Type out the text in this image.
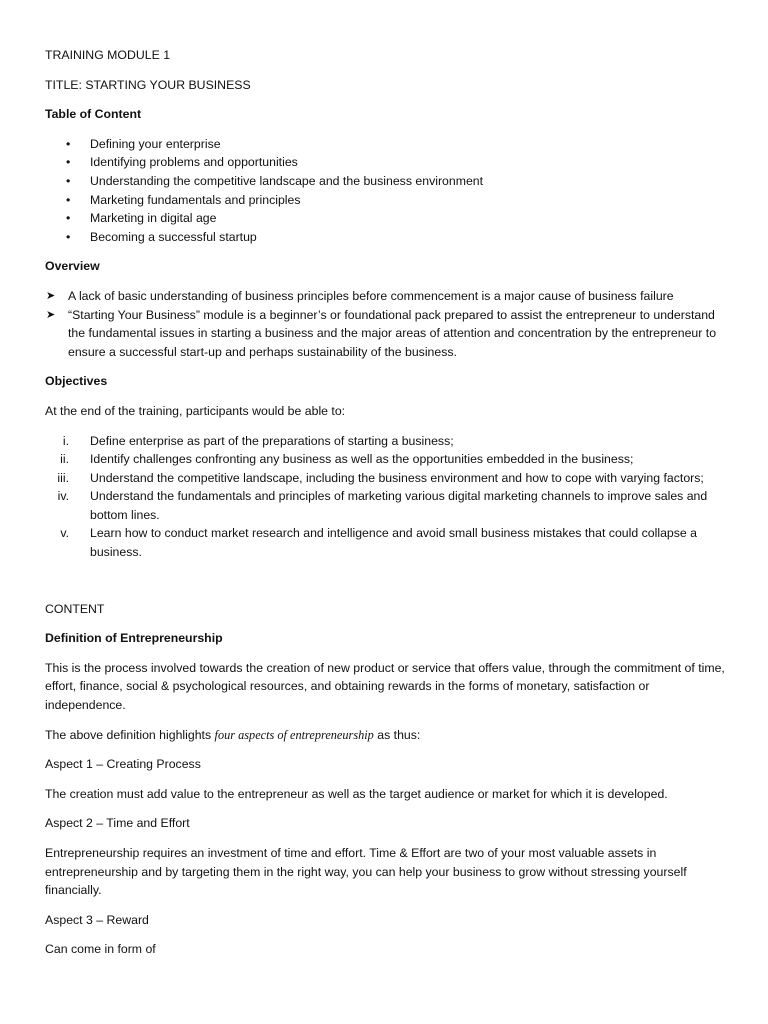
TRAINING MODULE 1

TITLE: STARTING YOUR BUSINESS

Table of Content

• Defining your enterprise
• Identifying problems and opportunities
• Understanding the competitive landscape and the business environment
• Marketing fundamentals and principles
• Marketing in digital age
• Becoming a successful startup

Overview

➤ A lack of basic understanding of business principles before commencement is a major cause of business failure
➤ “Starting Your Business” module is a beginner’s or foundational pack prepared to assist the entrepreneur to understand the fundamental issues in starting a business and the major areas of attention and concentration by the entrepreneur to ensure a successful start-up and perhaps sustainability of the business.

Objectives

At the end of the training, participants would be able to:

i. Define enterprise as part of the preparations of starting a business;
ii. Identify challenges confronting any business as well as the opportunities embedded in the business;
iii. Understand the competitive landscape, including the business environment and how to cope with varying factors;
iv. Understand the fundamentals and principles of marketing various digital marketing channels to improve sales and bottom lines.
v. Learn how to conduct market research and intelligence and avoid small business mistakes that could collapse a business.

CONTENT

Definition of Entrepreneurship

This is the process involved towards the creation of new product or service that offers value, through the commitment of time, effort, finance, social & psychological resources, and obtaining rewards in the forms of monetary, satisfaction or independence.

The above definition highlights four aspects of entrepreneurship as thus:

Aspect 1 – Creating Process

The creation must add value to the entrepreneur as well as the target audience or market for which it is developed.

Aspect 2 – Time and Effort

Entrepreneurship requires an investment of time and effort. Time & Effort are two of your most valuable assets in entrepreneurship and by targeting them in the right way, you can help your business to grow without stressing yourself financially.

Aspect 3 – Reward

Can come in form of
